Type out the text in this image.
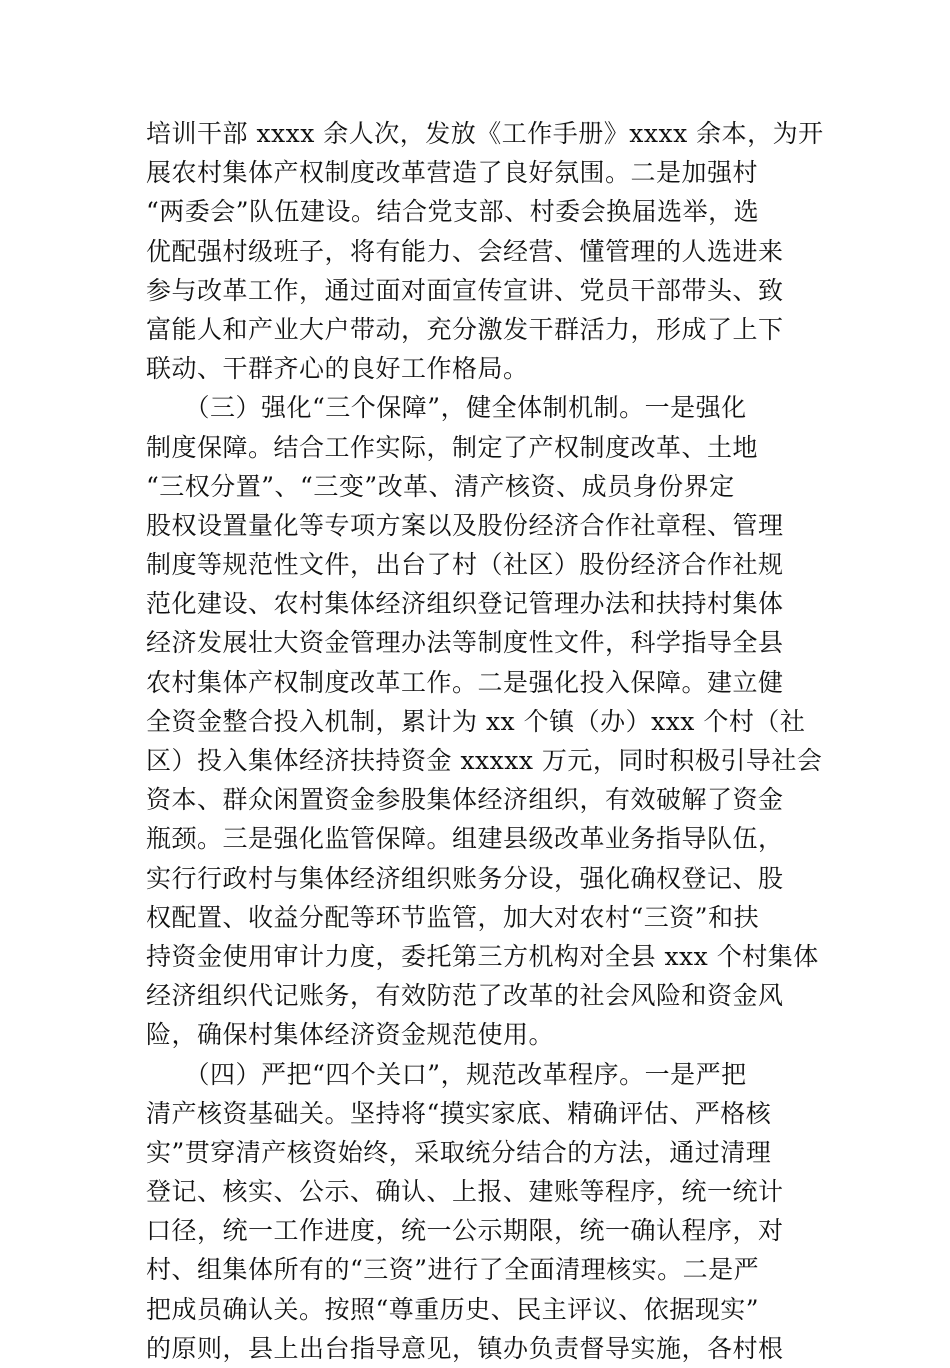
培训干部 xxxx 余人次，发放《工作手册》xxxx 余本，为开
展农村集体产权制度改革营造了良好氛围。二是加强村
“两委会”队伍建设。结合党支部、村委会换届选举，选
优配强村级班子，将有能力、会经营、懂管理的人选进来
参与改革工作，通过面对面宣传宣讲、党员干部带头、致
富能人和产业大户带动，充分激发干群活力，形成了上下
联动、干群齐心的良好工作格局。
　　（三）强化“三个保障”，健全体制机制。一是强化
制度保障。结合工作实际，制定了产权制度改革、土地
“三权分置”、“三变”改革、清产核资、成员身份界定
股权设置量化等专项方案以及股份经济合作社章程、管理
制度等规范性文件，出台了村（社区）股份经济合作社规
范化建设、农村集体经济组织登记管理办法和扶持村集体
经济发展壮大资金管理办法等制度性文件，科学指导全县
农村集体产权制度改革工作。二是强化投入保障。建立健
全资金整合投入机制，累计为 xx 个镇（办）xxx 个村（社
区）投入集体经济扶持资金 xxxxx 万元，同时积极引导社会
资本、群众闲置资金参股集体经济组织，有效破解了资金
瓶颈。三是强化监管保障。组建县级改革业务指导队伍，
实行行政村与集体经济组织账务分设，强化确权登记、股
权配置、收益分配等环节监管，加大对农村“三资”和扶
持资金使用审计力度，委托第三方机构对全县 xxx 个村集体
经济组织代记账务，有效防范了改革的社会风险和资金风
险，确保村集体经济资金规范使用。
　　（四）严把“四个关口”，规范改革程序。一是严把
清产核资基础关。坚持将“摸实家底、精确评估、严格核
实”贯穿清产核资始终，采取统分结合的方法，通过清理
登记、核实、公示、确认、上报、建账等程序，统一统计
口径，统一工作进度，统一公示期限，统一确认程序，对
村、组集体所有的“三资”进行了全面清理核实。二是严
把成员确认关。按照“尊重历史、民主评议、依据现实”
的原则，县上出台指导意见，镇办负责督导实施，各村根
